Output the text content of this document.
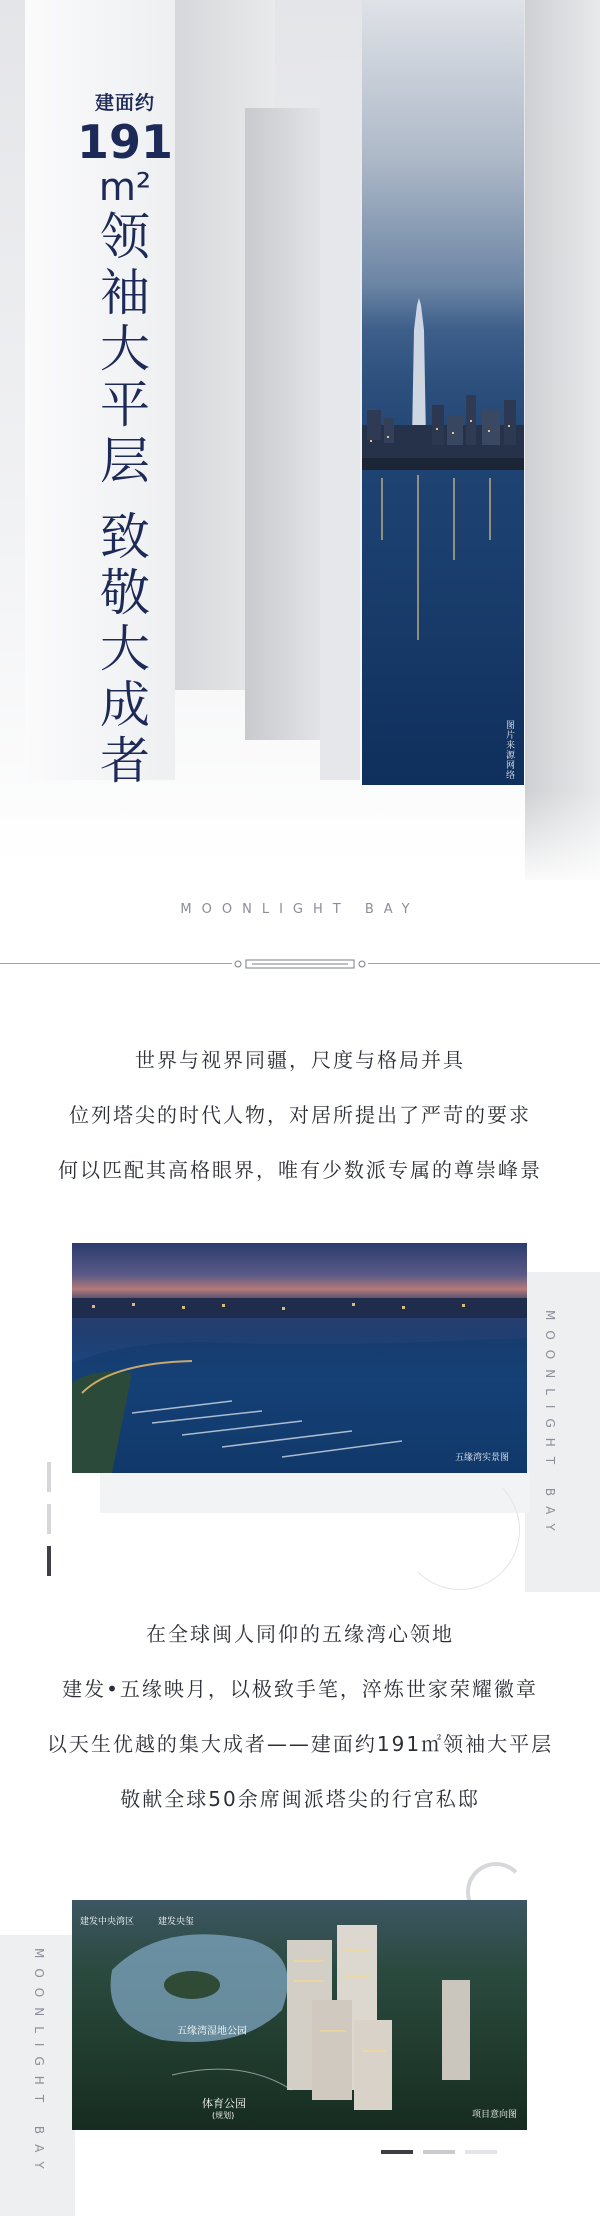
图片来源网络
建面约
191
m²
领
袖
大
平
层
致
敬
大
成
者
MOONLIGHT BAY
世界与视界同疆，尺度与格局并具
位列塔尖的时代人物，对居所提出了严苛的要求
何以匹配其高格眼界，唯有少数派专属的尊崇峰景
五缘湾实景图	MOONLIGHT BAY
在全球闽人同仰的五缘湾心领地
建发•五缘映月，以极致手笔，淬炼世家荣耀徽章
以天生优越的集大成者——建面约191㎡领袖大平层
敬献全球50余席闽派塔尖的行宫私邸
建发中央湾区	建发央玺
五缘湾湿地公园
体育公园
(规划)	项目意向图
MOONLIGHT BAY
